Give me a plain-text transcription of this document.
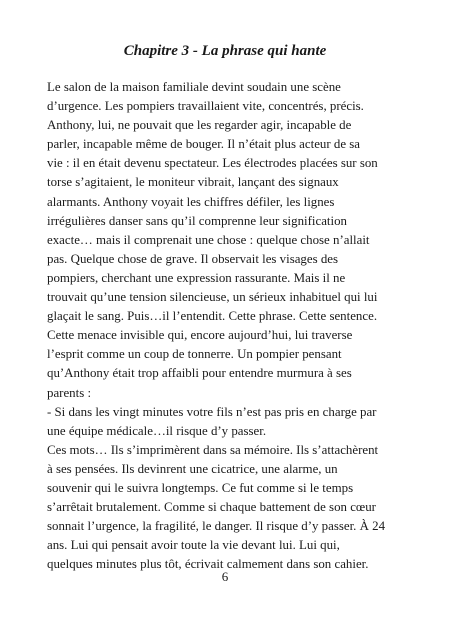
Chapitre 3 - La phrase qui hante
Le salon de la maison familiale devint soudain une scène
d’urgence. Les pompiers travaillaient vite, concentrés, précis.
Anthony, lui, ne pouvait que les regarder agir, incapable de
parler, incapable même de bouger. Il n’était plus acteur de sa
vie : il en était devenu spectateur. Les électrodes placées sur son
torse s’agitaient, le moniteur vibrait, lançant des signaux
alarmants. Anthony voyait les chiffres défiler, les lignes
irrégulières danser sans qu’il comprenne leur signification
exacte… mais il comprenait une chose : quelque chose n’allait
pas. Quelque chose de grave. Il observait les visages des
pompiers, cherchant une expression rassurante. Mais il ne
trouvait qu’une tension silencieuse, un sérieux inhabituel qui lui
glaçait le sang. Puis…il l’entendit. Cette phrase. Cette sentence.
Cette menace invisible qui, encore aujourd’hui, lui traverse
l’esprit comme un coup de tonnerre. Un pompier pensant
qu’Anthony était trop affaibli pour entendre murmura à ses
parents :
- Si dans les vingt minutes votre fils n’est pas pris en charge par
une équipe médicale…il risque d’y passer.
Ces mots… Ils s’imprimèrent dans sa mémoire. Ils s’attachèrent
à ses pensées. Ils devinrent une cicatrice, une alarme, un
souvenir qui le suivra longtemps. Ce fut comme si le temps
s’arrêtait brutalement. Comme si chaque battement de son cœur
sonnait l’urgence, la fragilité, le danger. Il risque d’y passer. À 24
ans. Lui qui pensait avoir toute la vie devant lui. Lui qui,
quelques minutes plus tôt, écrivait calmement dans son cahier.
6
